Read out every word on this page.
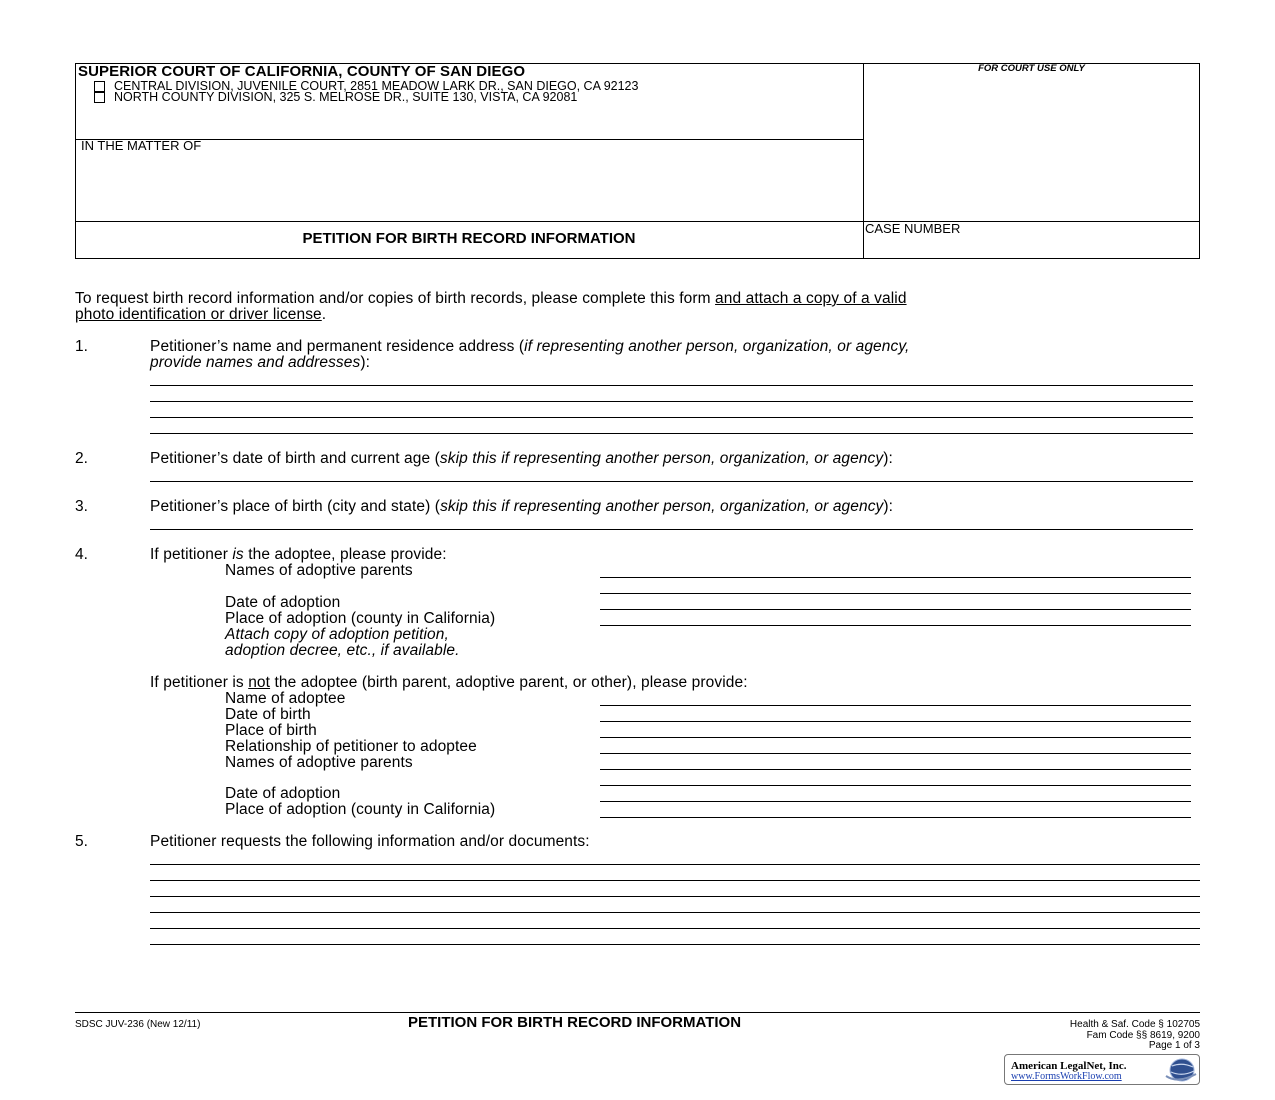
SUPERIOR COURT OF CALIFORNIA, COUNTY OF SAN DIEGO
CENTRAL DIVISION, JUVENILE COURT, 2851 MEADOW LARK DR., SAN DIEGO, CA 92123
NORTH COUNTY DIVISION, 325 S. MELROSE DR., SUITE 130, VISTA, CA 92081
FOR COURT USE ONLY
IN THE MATTER OF
PETITION FOR BIRTH RECORD INFORMATION
CASE NUMBER
To request birth record information and/or copies of birth records, please complete this form and attach a copy of a valid
photo identification or driver license.
1.	Petitioner’s name and permanent residence address (if representing another person, organization, or agency,
provide names and addresses):
2.	Petitioner’s date of birth and current age (skip this if representing another person, organization, or agency):
3.	Petitioner’s place of birth (city and state) (skip this if representing another person, organization, or agency):
4.	If petitioner is the adoptee, please provide:
Names of adoptive parents
Date of adoption
Place of adoption (county in California)
Attach copy of adoption petition,
adoption decree, etc., if available.
If petitioner is not the adoptee (birth parent, adoptive parent, or other), please provide:
Name of adoptee
Date of birth
Place of birth
Relationship of petitioner to adoptee
Names of adoptive parents
Date of adoption
Place of adoption (county in California)
5.	Petitioner requests the following information and/or documents:
SDSC JUV-236 (New 12/11)	PETITION FOR BIRTH RECORD INFORMATION	Health & Saf. Code § 102705
Fam Code §§ 8619, 9200
Page 1 of 3
American LegalNet, Inc.
www.FormsWorkFlow.com
